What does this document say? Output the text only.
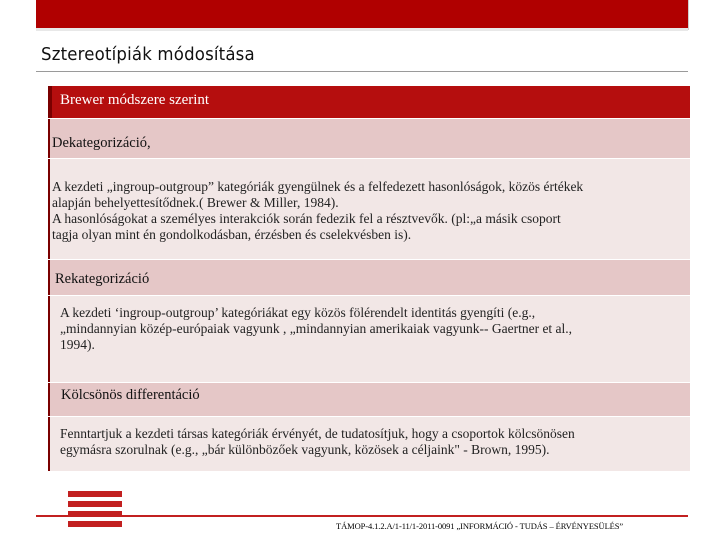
Sztereotípiák módosítása
Brewer módszere szerint
Dekategorizáció,
A kezdeti „ingroup-outgroup” kategóriák gyengülnek és a felfedezett hasonlóságok, közös értékek
alapján behelyettesítődnek.( Brewer & Miller, 1984).
A hasonlóságokat a személyes interakciók során fedezik fel a résztvevők. (pl:„a másik csoport
tagja olyan mint én gondolkodásban, érzésben és cselekvésben is).
Rekategorizáció
A kezdeti ‘ingroup-outgroup’ kategóriákat egy közös fölérendelt identitás gyengíti (e.g.,
„mindannyian közép-európaiak vagyunk , „mindannyian amerikaiak vagyunk-- Gaertner et al.,
1994).
Kölcsönös differentáció
Fenntartjuk a kezdeti társas kategóriák érvényét, de tudatosítjuk, hogy a csoportok kölcsönösen
egymásra szorulnak (e.g., „bár különbözőek vagyunk, közösek a céljaink" - Brown, 1995).
TÁMOP-4.1.2.A/1-11/1-2011-0091 „INFORMÁCIÓ - TUDÁS – ÉRVÉNYESÜLÉS”
